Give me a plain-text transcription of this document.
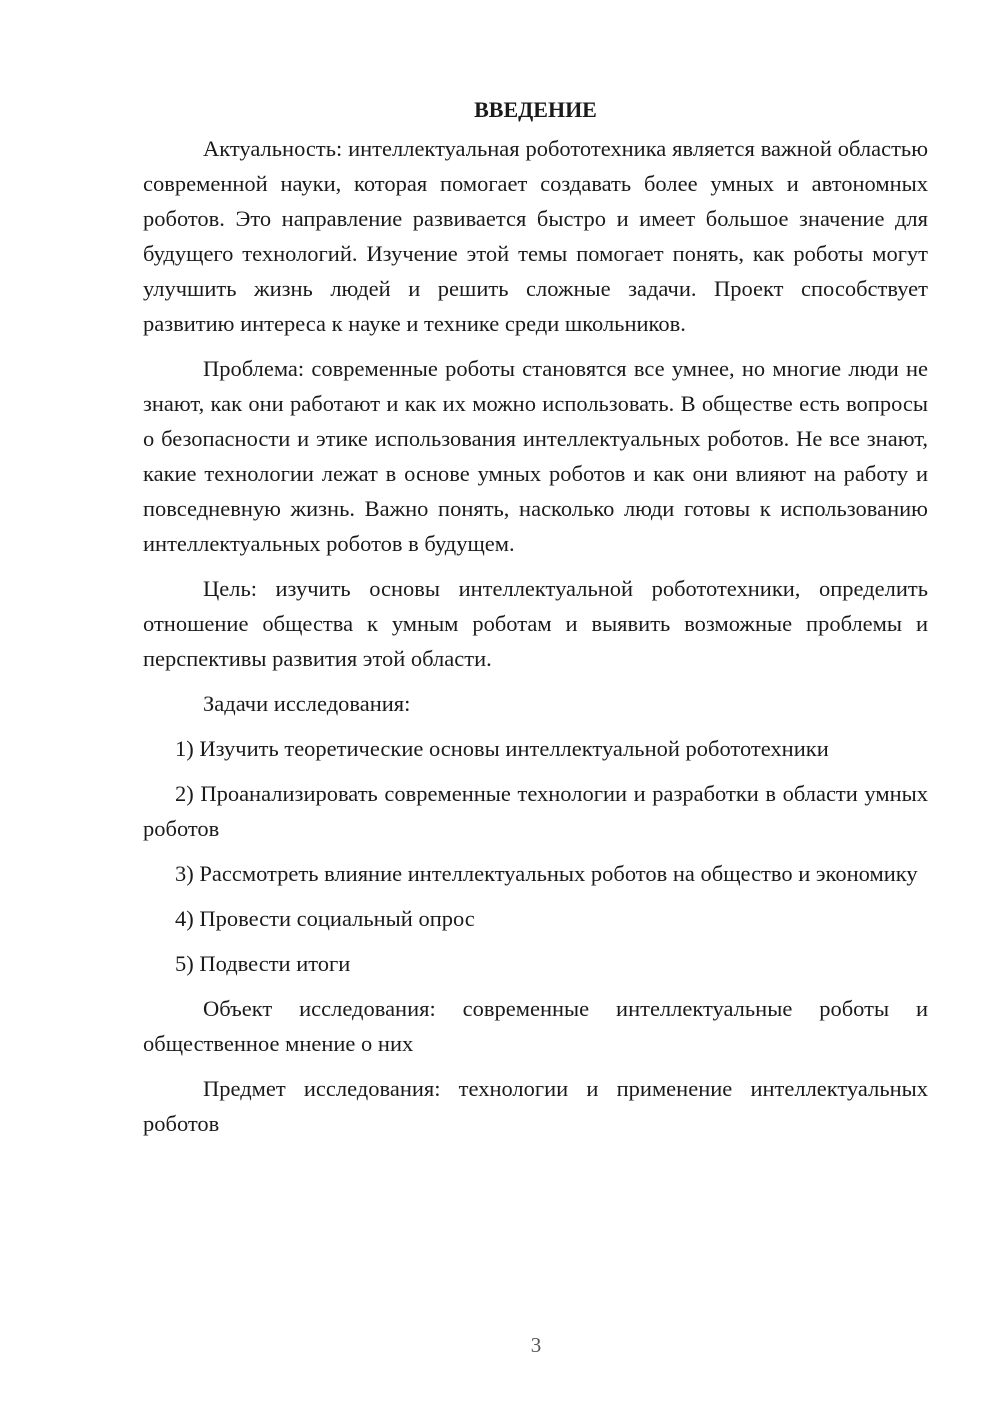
ВВЕДЕНИЕ

Актуальность: интеллектуальная робототехника является важной областью современной науки, которая помогает создавать более умных и автономных роботов. Это направление развивается быстро и имеет большое значение для будущего технологий. Изучение этой темы помогает понять, как роботы могут улучшить жизнь людей и решить сложные задачи. Проект способствует развитию интереса к науке и технике среди школьников.

Проблема: современные роботы становятся все умнее, но многие люди не знают, как они работают и как их можно использовать. В обществе есть вопросы о безопасности и этике использования интеллектуальных роботов. Не все знают, какие технологии лежат в основе умных роботов и как они влияют на работу и повседневную жизнь. Важно понять, насколько люди готовы к использованию интеллектуальных роботов в будущем.

Цель: изучить основы интеллектуальной робототехники, определить отношение общества к умным роботам и выявить возможные проблемы и перспективы развития этой области.

Задачи исследования:

1) Изучить теоретические основы интеллектуальной робототехники

2) Проанализировать современные технологии и разработки в области умных роботов

3) Рассмотреть влияние интеллектуальных роботов на общество и экономику

4) Провести социальный опрос

5) Подвести итоги

Объект исследования: современные интеллектуальные роботы и общественное мнение о них

Предмет исследования: технологии и применение интеллектуальных роботов

3
